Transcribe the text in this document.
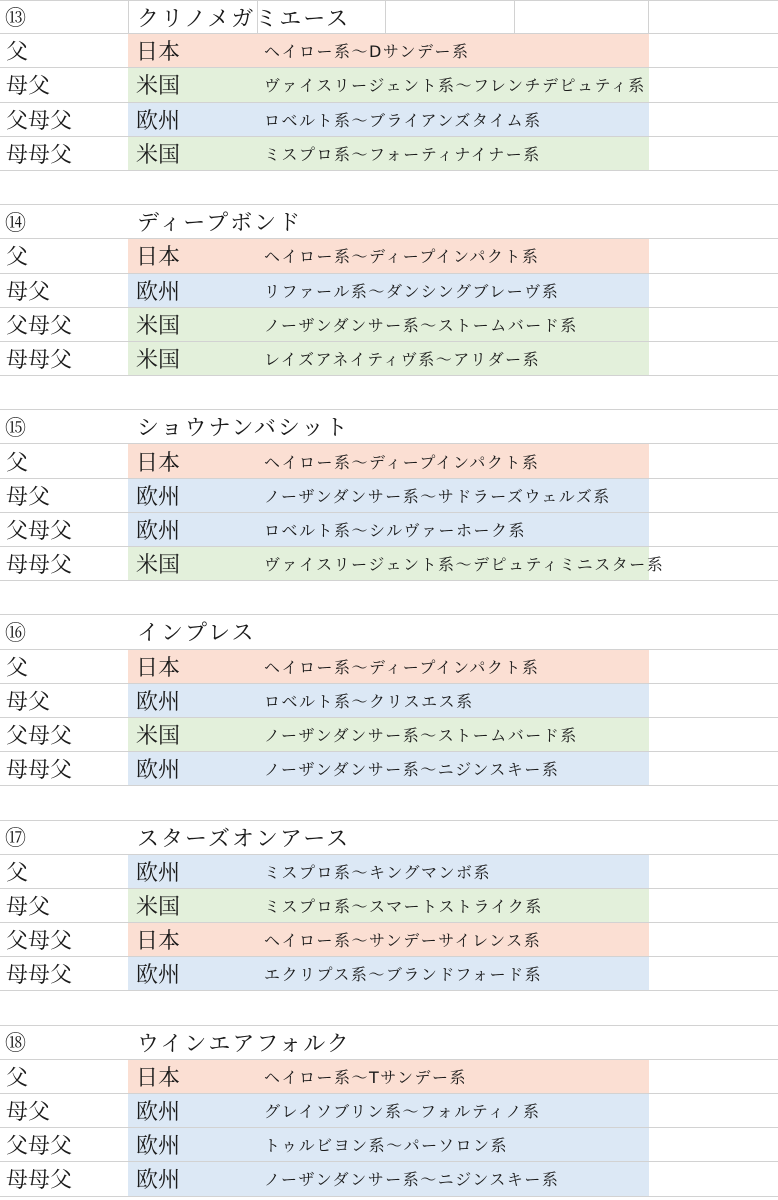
⑬	クリノメガミエース
父	日本	ヘイロー系～Dサンデー系
母父	米国	ヴァイスリージェント系～フレンチデピュティ系
父母父	欧州	ロベルト系～ブライアンズタイム系
母母父	米国	ミスプロ系～フォーティナイナー系
⑭	ディープボンド
父	日本	ヘイロー系～ディープインパクト系
母父	欧州	リファール系～ダンシングブレーヴ系
父母父	米国	ノーザンダンサー系～ストームバード系
母母父	米国	レイズアネイティヴ系～アリダー系
⑮	ショウナンバシット
父	日本	ヘイロー系～ディープインパクト系
母父	欧州	ノーザンダンサー系～サドラーズウェルズ系
父母父	欧州	ロベルト系～シルヴァーホーク系
母母父	米国	ヴァイスリージェント系～デピュティミニスター系
⑯	インプレス
父	日本	ヘイロー系～ディープインパクト系
母父	欧州	ロベルト系～クリスエス系
父母父	米国	ノーザンダンサー系～ストームバード系
母母父	欧州	ノーザンダンサー系～ニジンスキー系
⑰	スターズオンアース
父	欧州	ミスプロ系～キングマンボ系
母父	米国	ミスプロ系～スマートストライク系
父母父	日本	ヘイロー系～サンデーサイレンス系
母母父	欧州	エクリプス系～ブランドフォード系
⑱	ウインエアフォルク
父	日本	ヘイロー系～Tサンデー系
母父	欧州	グレイソブリン系～フォルティノ系
父母父	欧州	トゥルビヨン系～パーソロン系
母母父	欧州	ノーザンダンサー系～ニジンスキー系
